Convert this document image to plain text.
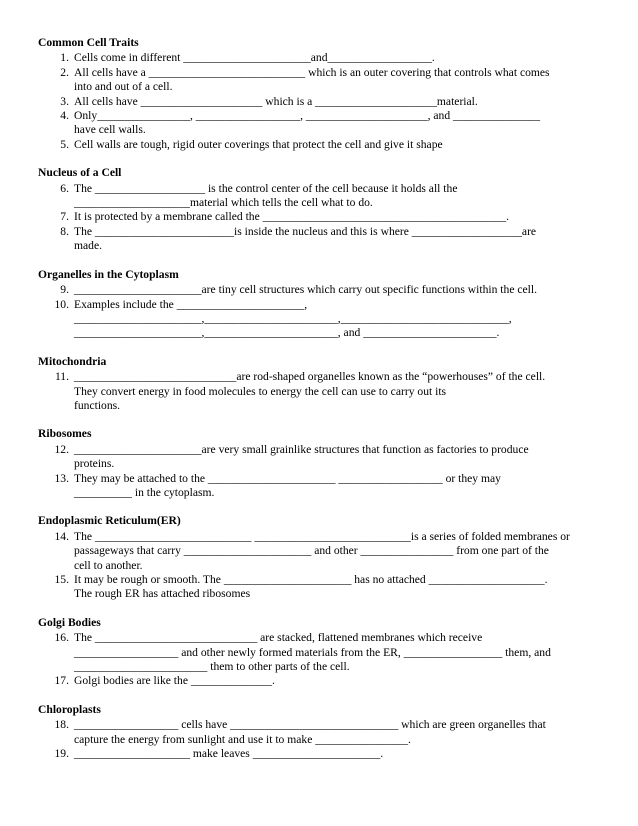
Common Cell Traits
1. Cells come in different ______________________and__________________.
2. All cells have a ___________________________ which is an outer covering that controls what comes
into and out of a cell.
3. All cells have _____________________ which is a _____________________material.
4. Only________________, __________________, _____________________, and _______________
have cell walls.
5. Cell walls are tough, rigid outer coverings that protect the cell and give it shape
Nucleus of a Cell
6. The ___________________ is the control center of the cell because it holds all the
____________________material which tells the cell what to do.
7. It is protected by a membrane called the __________________________________________.
8. The ________________________is inside the nucleus and this is where ___________________are
made.
Organelles in the Cytoplasm
9. ______________________are tiny cell structures which carry out specific functions within the cell.
10. Examples include the ______________________,
______________________,_______________________,_____________________________,
______________________,_______________________, and _______________________.
Mitochondria
11. ____________________________are rod-shaped organelles known as the “powerhouses” of the cell.
They convert energy in food molecules to energy the cell can use to carry out its
functions.
Ribosomes
12. ______________________are very small grainlike structures that function as factories to produce
proteins.
13. They may be attached to the ______________________ __________________ or they may
__________ in the cytoplasm.
Endoplasmic Reticulum(ER)
14. The ___________________________ ___________________________is a series of folded membranes or
passageways that carry ______________________ and other ________________ from one part of the
cell to another.
15. It may be rough or smooth. The ______________________ has no attached ____________________.
The rough ER has attached ribosomes
Golgi Bodies
16. The ____________________________ are stacked, flattened membranes which receive
__________________ and other newly formed materials from the ER, _________________ them, and
_______________________ them to other parts of the cell.
17. Golgi bodies are like the ______________.
Chloroplasts
18. __________________ cells have _____________________________ which are green organelles that
capture the energy from sunlight and use it to make ________________.
19. ____________________ make leaves ______________________.
